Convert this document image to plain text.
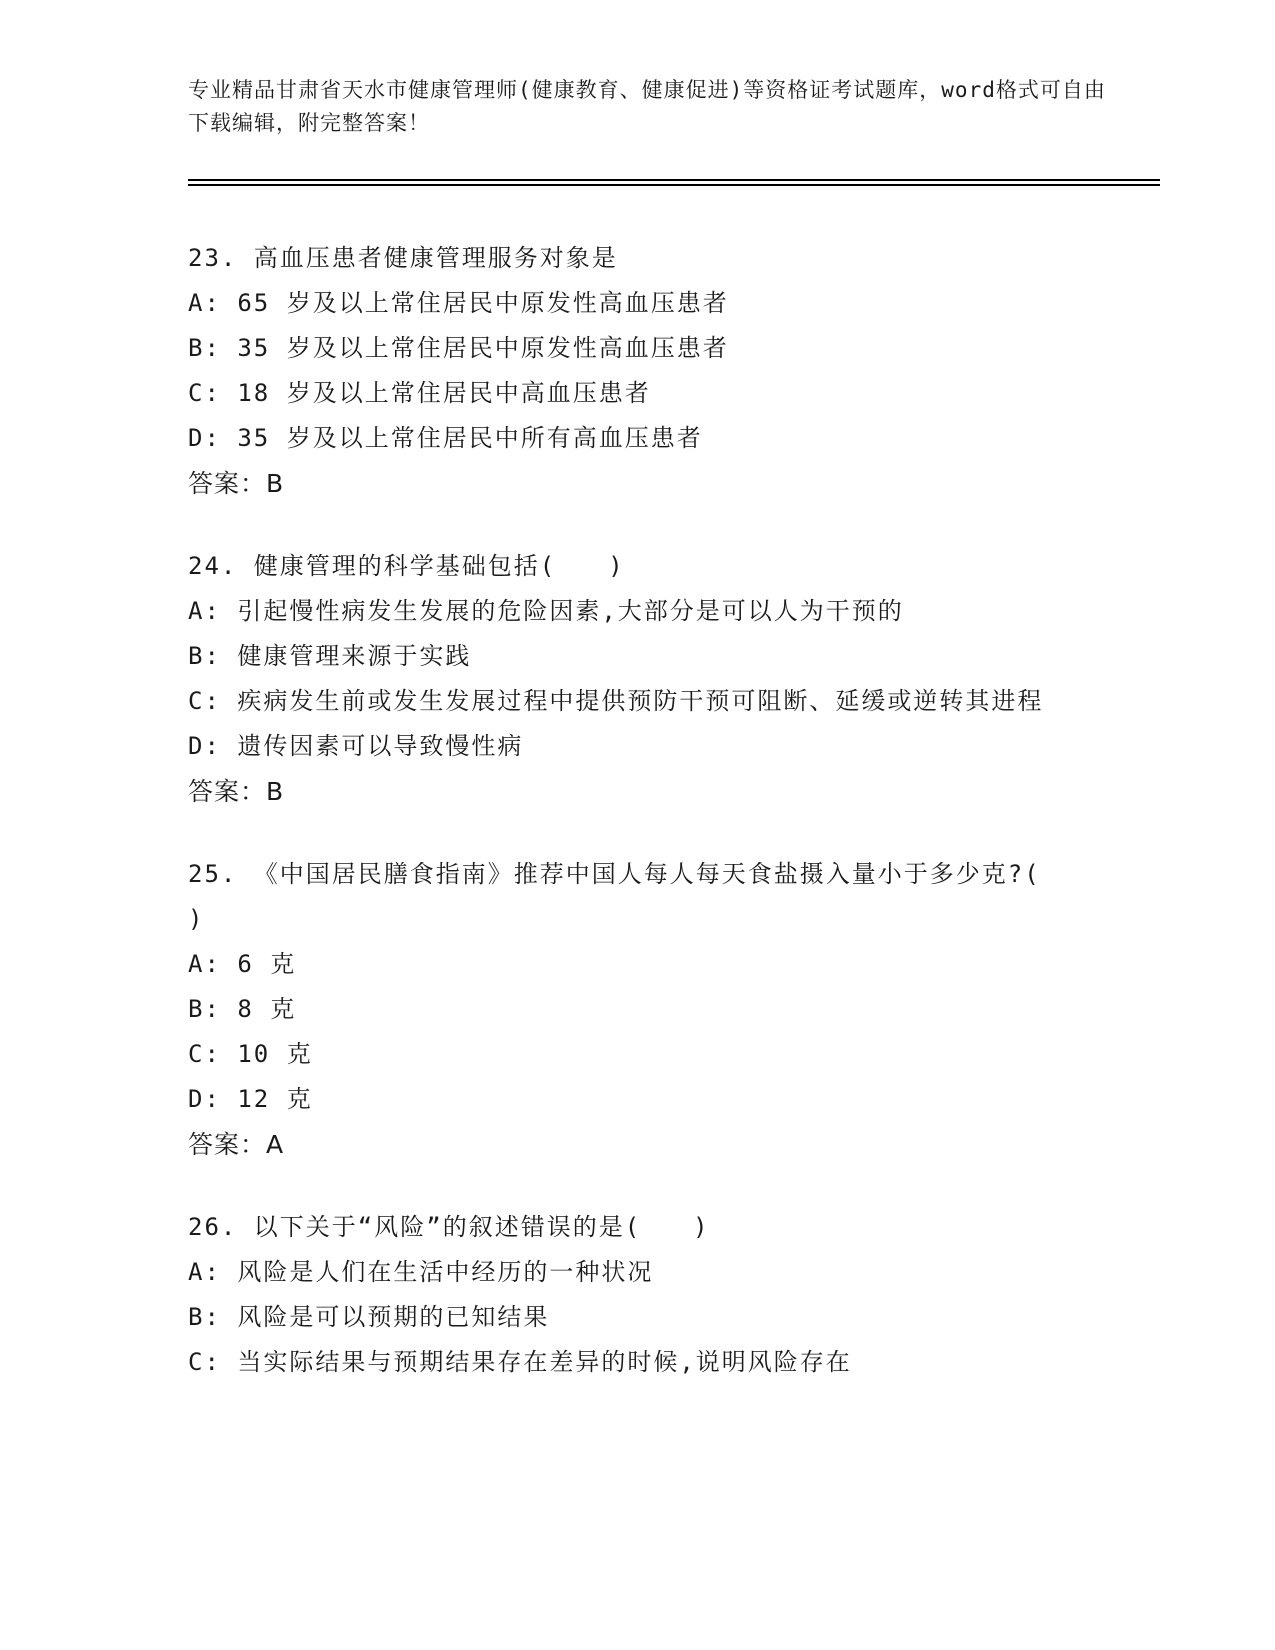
专业精品甘肃省天水市健康管理师(健康教育、健康促进)等资格证考试题库，word格式可自由下载编辑，附完整答案！

23. 高血压患者健康管理服务对象是

A: 65 岁及以上常住居民中原发性高血压患者

B: 35 岁及以上常住居民中原发性高血压患者

C: 18 岁及以上常住居民中高血压患者

D: 35 岁及以上常住居民中所有高血压患者

答案：B

24. 健康管理的科学基础包括(　　)

A: 引起慢性病发生发展的危险因素,大部分是可以人为干预的

B: 健康管理来源于实践

C: 疾病发生前或发生发展过程中提供预防干预可阻断、延缓或逆转其进程

D: 遗传因素可以导致慢性病

答案：B

25. 《中国居民膳食指南》推荐中国人每人每天食盐摄入量小于多少克?(　　)

A: 6 克

B: 8 克

C: 10 克

D: 12 克

答案：A

26. 以下关于“风险”的叙述错误的是(　　)

A: 风险是人们在生活中经历的一种状况

B: 风险是可以预期的已知结果

C: 当实际结果与预期结果存在差异的时候,说明风险存在
